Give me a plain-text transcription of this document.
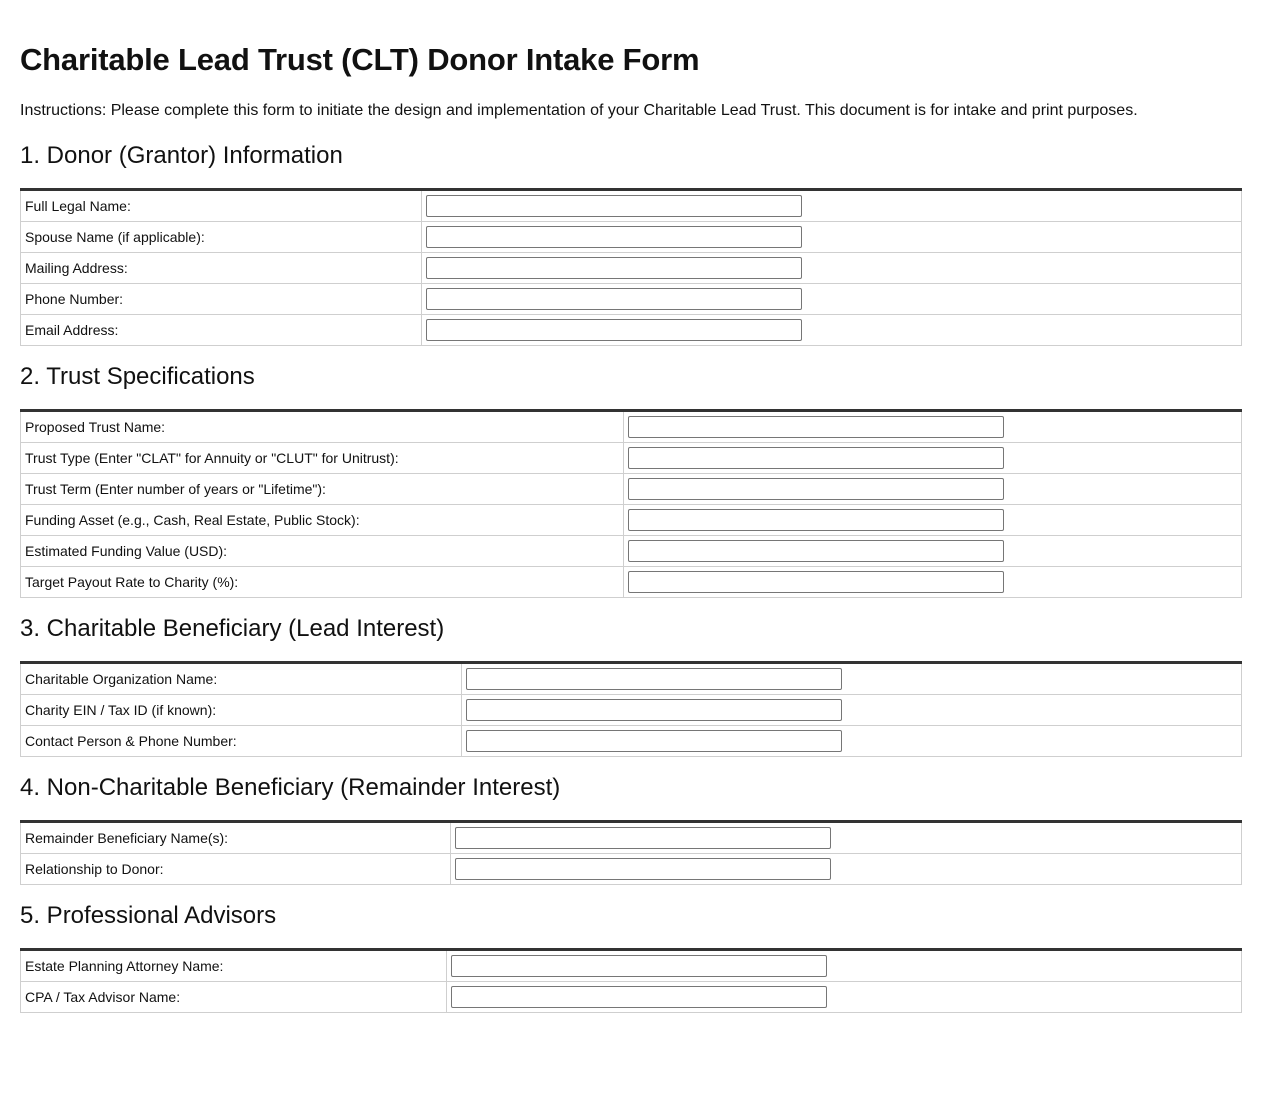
Charitable Lead Trust (CLT) Donor Intake Form

Instructions: Please complete this form to initiate the design and implementation of your Charitable Lead Trust. This document is for intake and print purposes.

1. Donor (Grantor) Information
Full Legal Name:	

Spouse Name (if applicable):	

Mailing Address:	

Phone Number:	

Email Address:	
2. Trust Specifications
Proposed Trust Name:	

Trust Type (Enter "CLAT" for Annuity or "CLUT" for Unitrust):	

Trust Term (Enter number of years or "Lifetime"):	

Funding Asset (e.g., Cash, Real Estate, Public Stock):	

Estimated Funding Value (USD):	

Target Payout Rate to Charity (%):	
3. Charitable Beneficiary (Lead Interest)
Charitable Organization Name:	

Charity EIN / Tax ID (if known):	

Contact Person & Phone Number:	
4. Non-Charitable Beneficiary (Remainder Interest)
Remainder Beneficiary Name(s):	

Relationship to Donor:	
5. Professional Advisors
Estate Planning Attorney Name:	

CPA / Tax Advisor Name:	
